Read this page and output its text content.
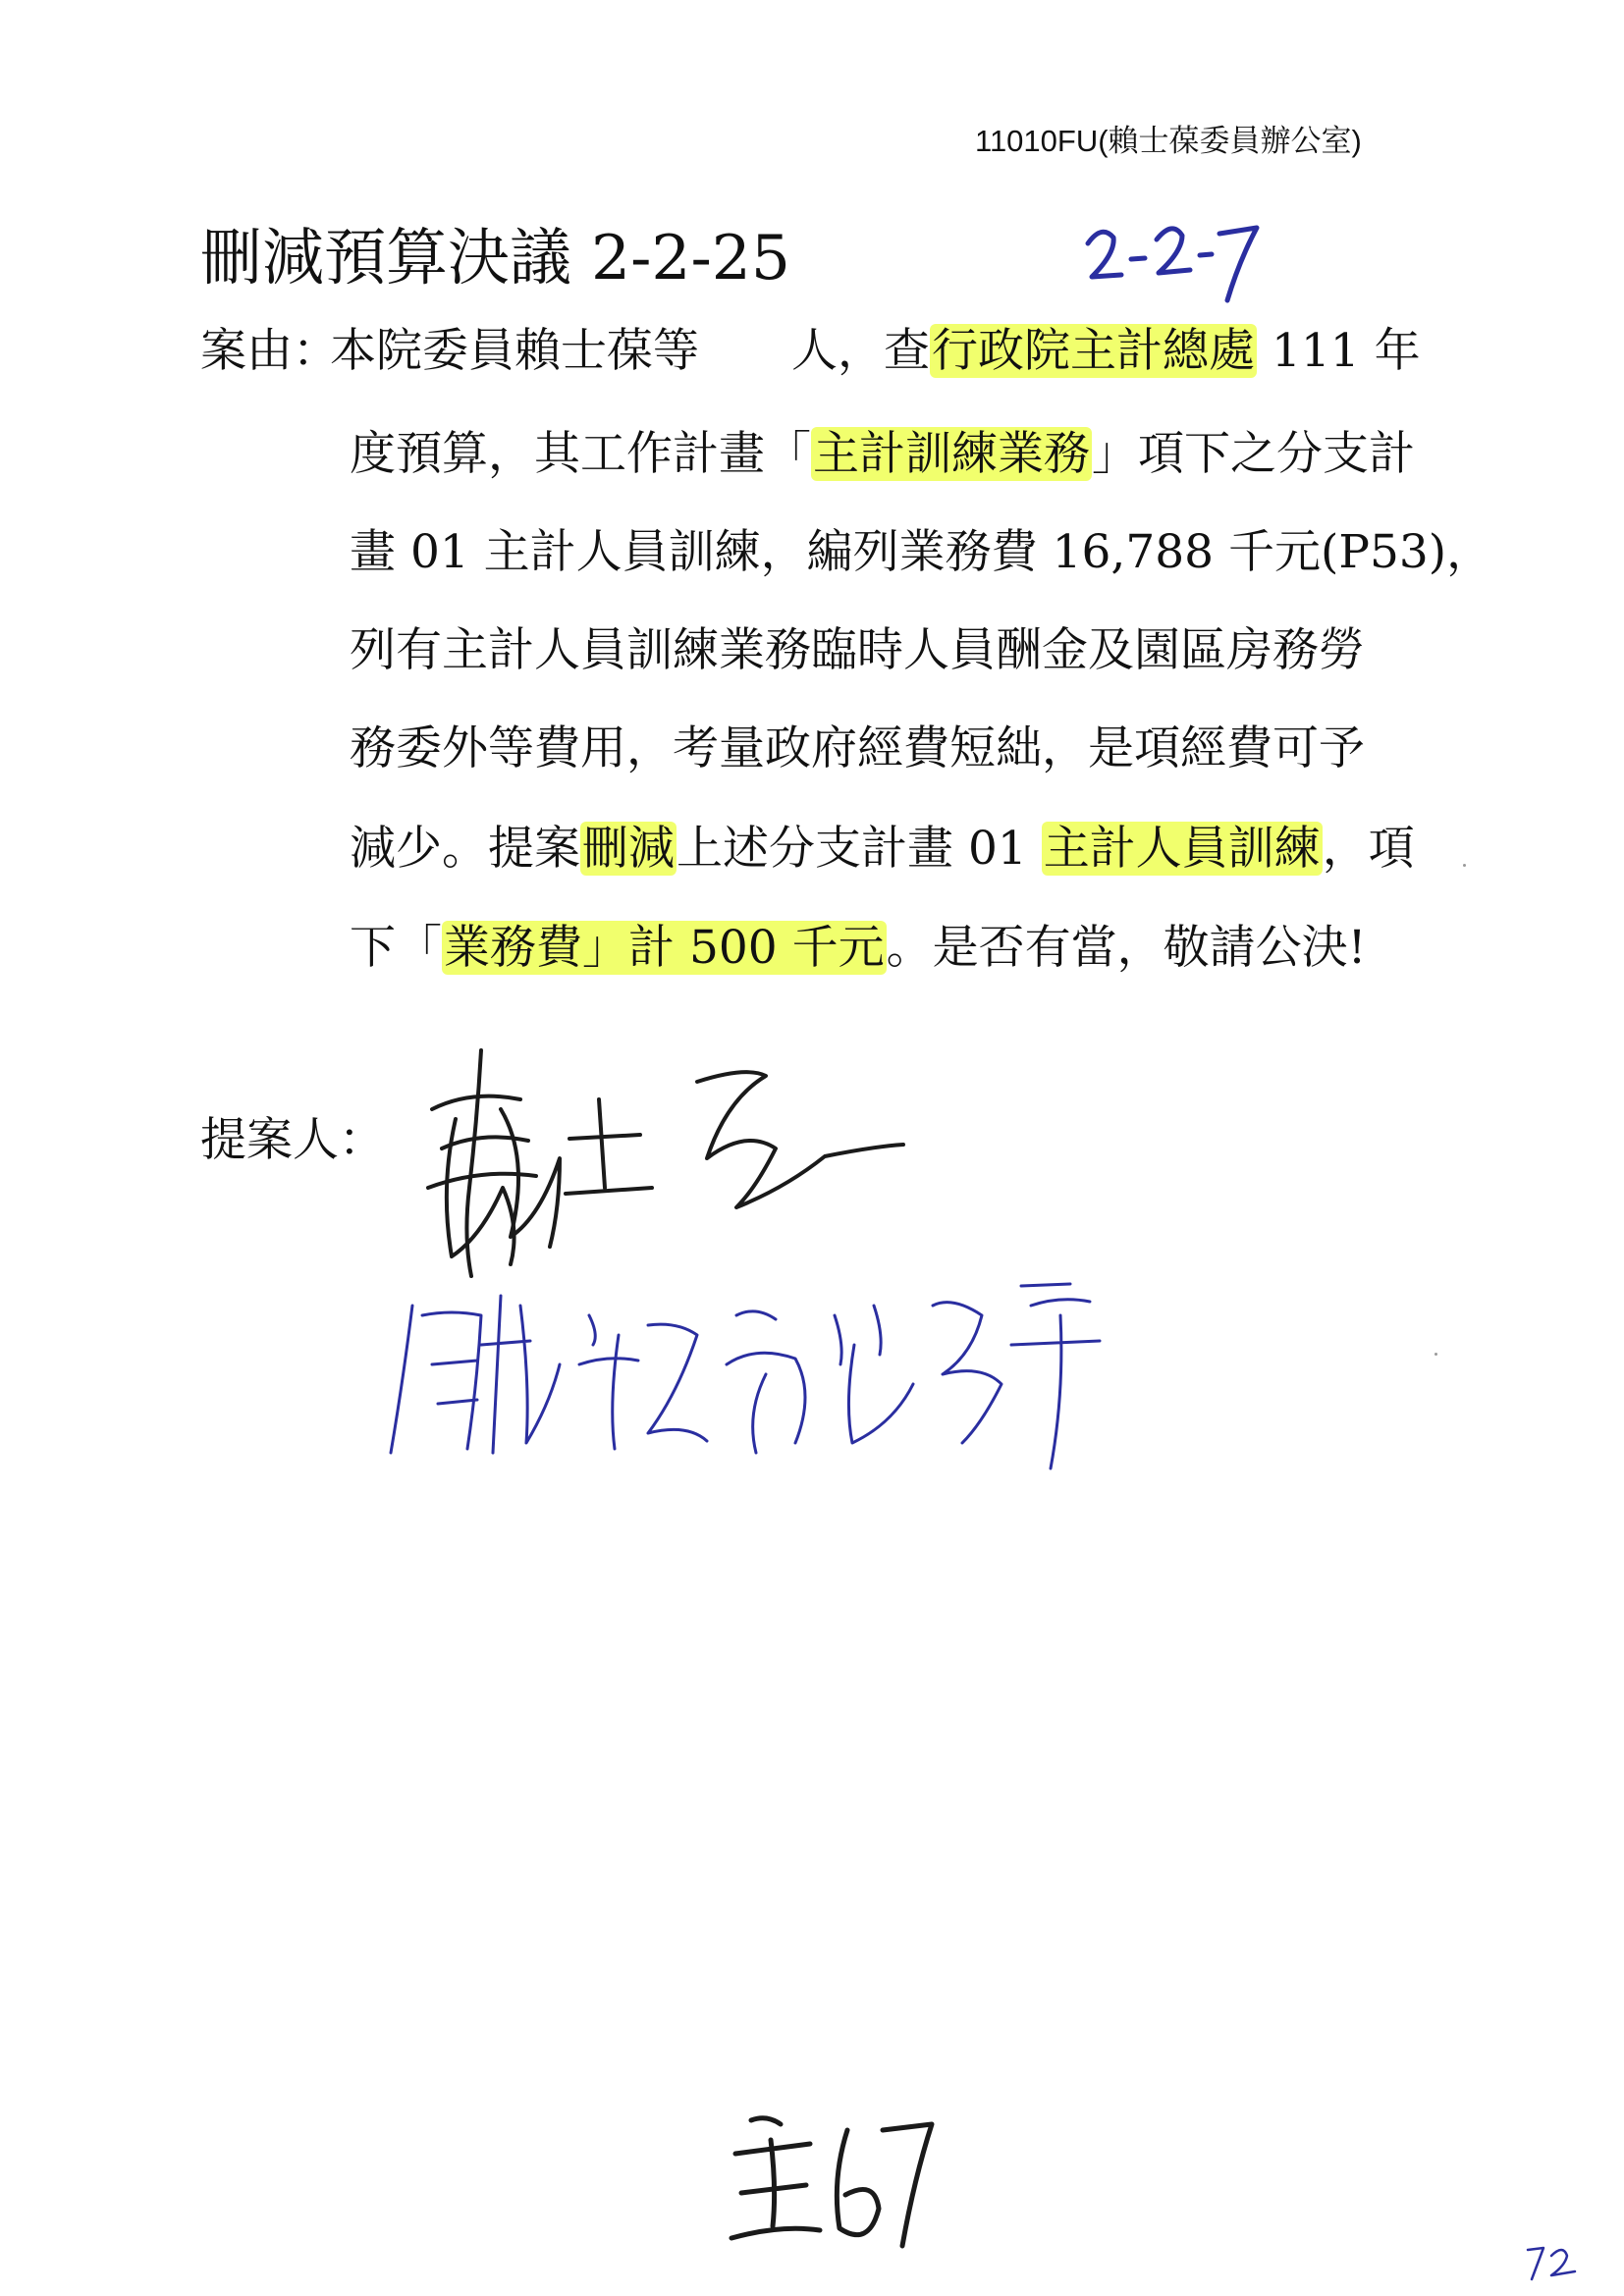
11010FU(賴士葆委員辦公室)
刪減預算決議 2-2-25
案由：
本院委員賴士葆等　　人，查行政院主計總處 111 年
度預算，其工作計畫「主計訓練業務」項下之分支計
畫 01 主計人員訓練，編列業務費 16,788 千元(P53)，
列有主計人員訓練業務臨時人員酬金及園區房務勞
務委外等費用，考量政府經費短絀，是項經費可予
減少。提案刪減上述分支計畫 01 主計人員訓練，項
下「業務費」計 500 千元。是否有當，敬請公決!
提案人：
